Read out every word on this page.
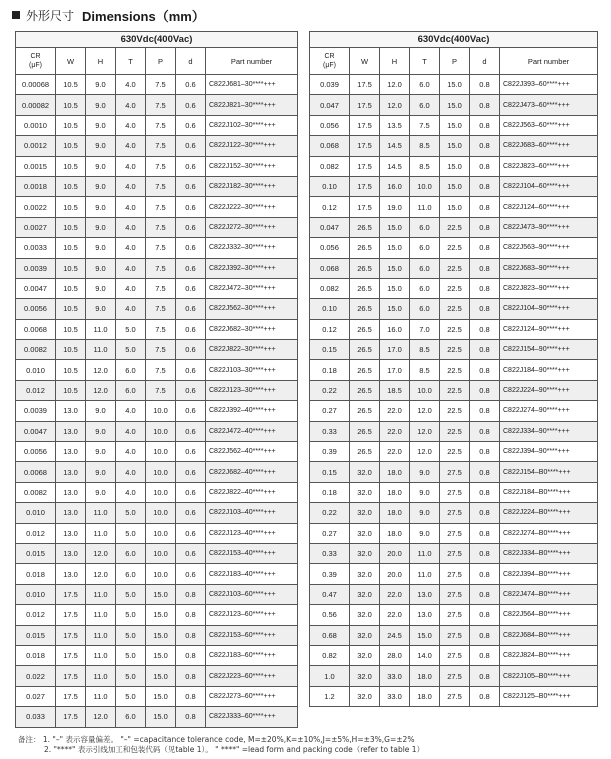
外形尺寸 Dimensions（mm）
630Vdc(400Vac)						

CR
(μF)	W	H	T	P	d	Part number
0.00068	10.5	9.0	4.0	7.5	0.6	C822J681–30****+++
0.00082	10.5	9.0	4.0	7.5	0.6	C822J821–30****+++
0.0010	10.5	9.0	4.0	7.5	0.6	C822J102–30****+++
0.0012	10.5	9.0	4.0	7.5	0.6	C822J122–30****+++
0.0015	10.5	9.0	4.0	7.5	0.6	C822J152–30****+++
0.0018	10.5	9.0	4.0	7.5	0.6	C822J182–30****+++
0.0022	10.5	9.0	4.0	7.5	0.6	C822J222–30****+++
0.0027	10.5	9.0	4.0	7.5	0.6	C822J272–30****+++
0.0033	10.5	9.0	4.0	7.5	0.6	C822J332–30****+++
0.0039	10.5	9.0	4.0	7.5	0.6	C822J392–30****+++
0.0047	10.5	9.0	4.0	7.5	0.6	C822J472–30****+++
0.0056	10.5	9.0	4.0	7.5	0.6	C822J562–30****+++
0.0068	10.5	11.0	5.0	7.5	0.6	C822J682–30****+++
0.0082	10.5	11.0	5.0	7.5	0.6	C822J822–30****+++
0.010	10.5	12.0	6.0	7.5	0.6	C822J103–30****+++
0.012	10.5	12.0	6.0	7.5	0.6	C822J123–30****+++
0.0039	13.0	9.0	4.0	10.0	0.6	C822J392–40****+++
0.0047	13.0	9.0	4.0	10.0	0.6	C822J472–40****+++
0.0056	13.0	9.0	4.0	10.0	0.6	C822J562–40****+++
0.0068	13.0	9.0	4.0	10.0	0.6	C822J682–40****+++
0.0082	13.0	9.0	4.0	10.0	0.6	C822J822–40****+++
0.010	13.0	11.0	5.0	10.0	0.6	C822J103–40****+++
0.012	13.0	11.0	5.0	10.0	0.6	C822J123–40****+++
0.015	13.0	12.0	6.0	10.0	0.6	C822J153–40****+++
0.018	13.0	12.0	6.0	10.0	0.6	C822J183–40****+++
0.010	17.5	11.0	5.0	15.0	0.8	C822J103–60****+++
0.012	17.5	11.0	5.0	15.0	0.8	C822J123–60****+++
0.015	17.5	11.0	5.0	15.0	0.8	C822J153–60****+++
0.018	17.5	11.0	5.0	15.0	0.8	C822J183–60****+++
0.022	17.5	11.0	5.0	15.0	0.8	C822J223–60****+++
0.027	17.5	11.0	5.0	15.0	0.8	C822J273–60****+++
0.033	17.5	12.0	6.0	15.0	0.8	C822J333–60****+++
630Vdc(400Vac)						

CR
(μF)	W	H	T	P	d	Part number
0.039	17.5	12.0	6.0	15.0	0.8	C822J393–60****+++
0.047	17.5	12.0	6.0	15.0	0.8	C822J473–60****+++
0.056	17.5	13.5	7.5	15.0	0.8	C822J563–60****+++
0.068	17.5	14.5	8.5	15.0	0.8	C822J683–60****+++
0.082	17.5	14.5	8.5	15.0	0.8	C822J823–60****+++
0.10	17.5	16.0	10.0	15.0	0.8	C822J104–60****+++
0.12	17.5	19.0	11.0	15.0	0.8	C822J124–60****+++
0.047	26.5	15.0	6.0	22.5	0.8	C822J473–90****+++
0.056	26.5	15.0	6.0	22.5	0.8	C822J563–90****+++
0.068	26.5	15.0	6.0	22.5	0.8	C822J683–90****+++
0.082	26.5	15.0	6.0	22.5	0.8	C822J823–90****+++
0.10	26.5	15.0	6.0	22.5	0.8	C822J104–90****+++
0.12	26.5	16.0	7.0	22.5	0.8	C822J124–90****+++
0.15	26.5	17.0	8.5	22.5	0.8	C822J154–90****+++
0.18	26.5	17.0	8.5	22.5	0.8	C822J184–90****+++
0.22	26.5	18.5	10.0	22.5	0.8	C822J224–90****+++
0.27	26.5	22.0	12.0	22.5	0.8	C822J274–90****+++
0.33	26.5	22.0	12.0	22.5	0.8	C822J334–90****+++
0.39	26.5	22.0	12.0	22.5	0.8	C822J394–90****+++
0.15	32.0	18.0	9.0	27.5	0.8	C822J154–B0****+++
0.18	32.0	18.0	9.0	27.5	0.8	C822J184–B0****+++
0.22	32.0	18.0	9.0	27.5	0.8	C822J224–B0****+++
0.27	32.0	18.0	9.0	27.5	0.8	C822J274–B0****+++
0.33	32.0	20.0	11.0	27.5	0.8	C822J334–B0****+++
0.39	32.0	20.0	11.0	27.5	0.8	C822J394–B0****+++
0.47	32.0	22.0	13.0	27.5	0.8	C822J474–B0****+++
0.56	32.0	22.0	13.0	27.5	0.8	C822J564–B0****+++
0.68	32.0	24.5	15.0	27.5	0.8	C822J684–B0****+++
0.82	32.0	28.0	14.0	27.5	0.8	C822J824–B0****+++
1.0	32.0	33.0	18.0	27.5	0.8	C822J105–B0****+++
1.2	32.0	33.0	18.0	27.5	0.8	C822J125–B0****+++
备注： 1. "–" 表示容量偏差。 "–" =capacitance tolerance code, M=±20%,K=±10%,J=±5%,H=±3%,G=±2%
2. "****" 表示引线加工和包装代码（见table 1）。 " ****" =lead form and packing code（refer to table 1）
